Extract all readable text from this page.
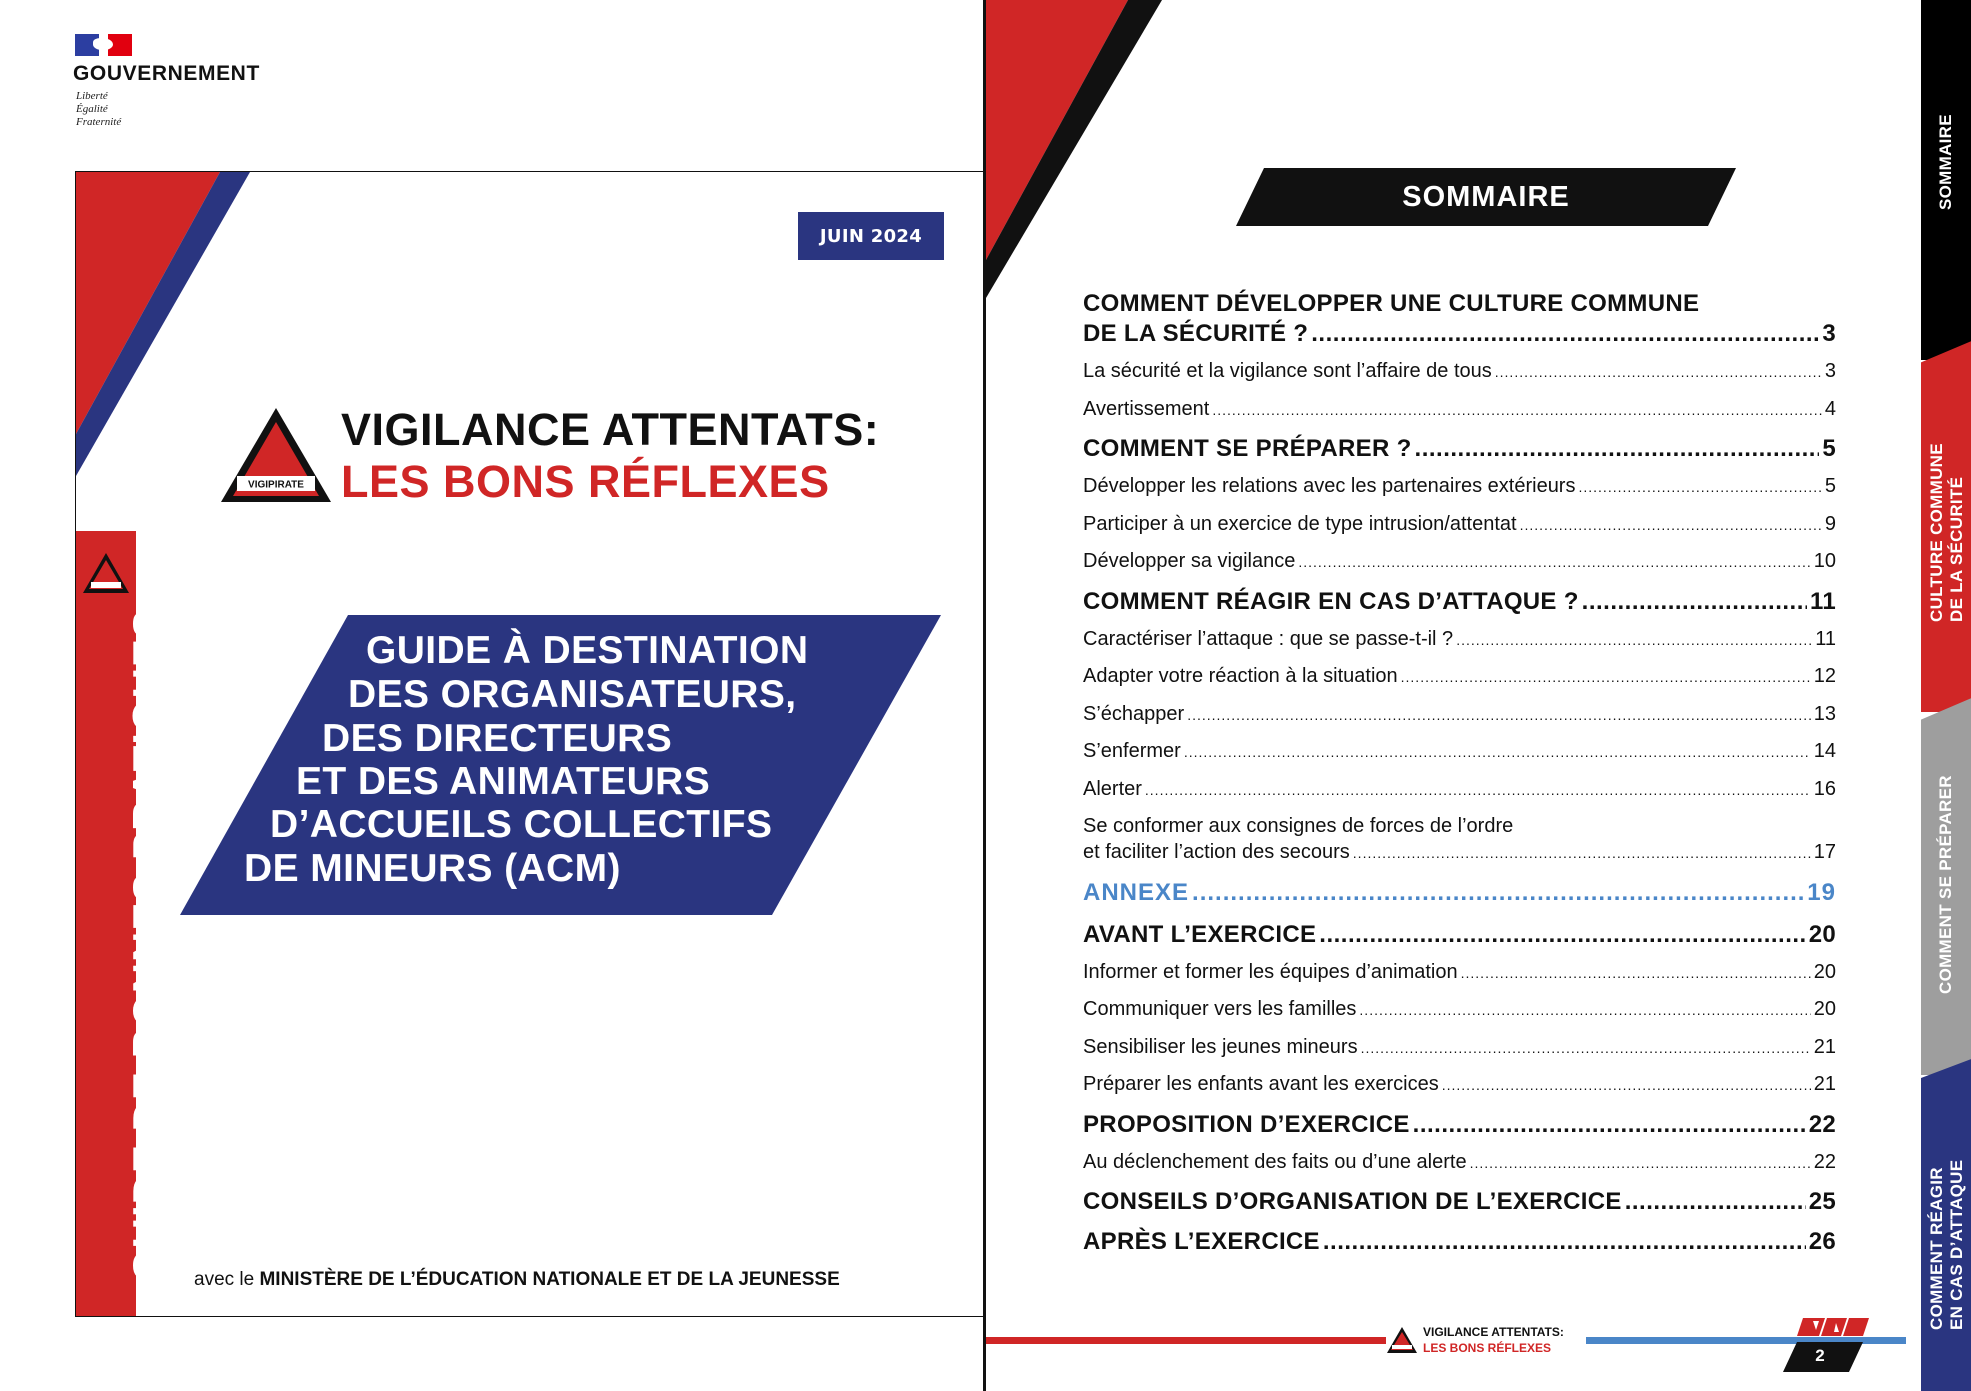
GOUVERNEMENT
Liberté
Égalité
Fraternité
JUIN 2024
VIGIPIRATE
VIGILANCE ATTENTATS:
LES BONS RÉFLEXES
GUIDE À DESTINATION
DES ORGANISATEURS,
DES DIRECTEURS
ET DES ANIMATEURS
D’ACCUEILS COLLECTIFS
DE MINEURS (ACM)
GUIDE DE BONNES PRATIQUES avec le MINISTÈRE DE L’ÉDUCATION NATIONALE ET DE LA JEUNESSE
SOMMAIRE
COMMENT DÉVELOPPER UNE CULTURE COMMUNE
DE LA SÉCURITÉ ? .....	3
La sécurité et la vigilance sont l’affaire de tous .....	3
Avertissement .....	4
COMMENT SE PRÉPARER ? .....	5
Développer les relations avec les partenaires extérieurs .....	5
Participer à un exercice de type intrusion/attentat .....	9
Développer sa vigilance .....	10
COMMENT RÉAGIR EN CAS D’ATTAQUE ? .....	11
Caractériser l’attaque : que se passe-t-il ? .....	11
Adapter votre réaction à la situation .....	12
S’échapper .....	13
S’enfermer .....	14
Alerter .....	16
Se conformer aux consignes de forces de l’ordre
et faciliter l’action des secours .....	17
ANNEXE .....	19
AVANT L’EXERCICE .....	20
Informer et former les équipes d’animation .....	20
Communiquer vers les familles .....	20
Sensibiliser les jeunes mineurs .....	21
Préparer les enfants avant les exercices .....	21
PROPOSITION D’EXERCICE .....	22
Au déclenchement des faits ou d’une alerte .....	22
CONSEILS D’ORGANISATION DE L’EXERCICE .....	25
APRÈS L’EXERCICE .....	26
SOMMAIRE
CULTURE COMMUNE DE LA SÉCURITÉ
COMMENT SE PRÉPARER
COMMENT RÉAGIR EN CAS D’ATTAQUE
VIGILANCE ATTENTATS:
LES BONS RÉFLEXES	2
